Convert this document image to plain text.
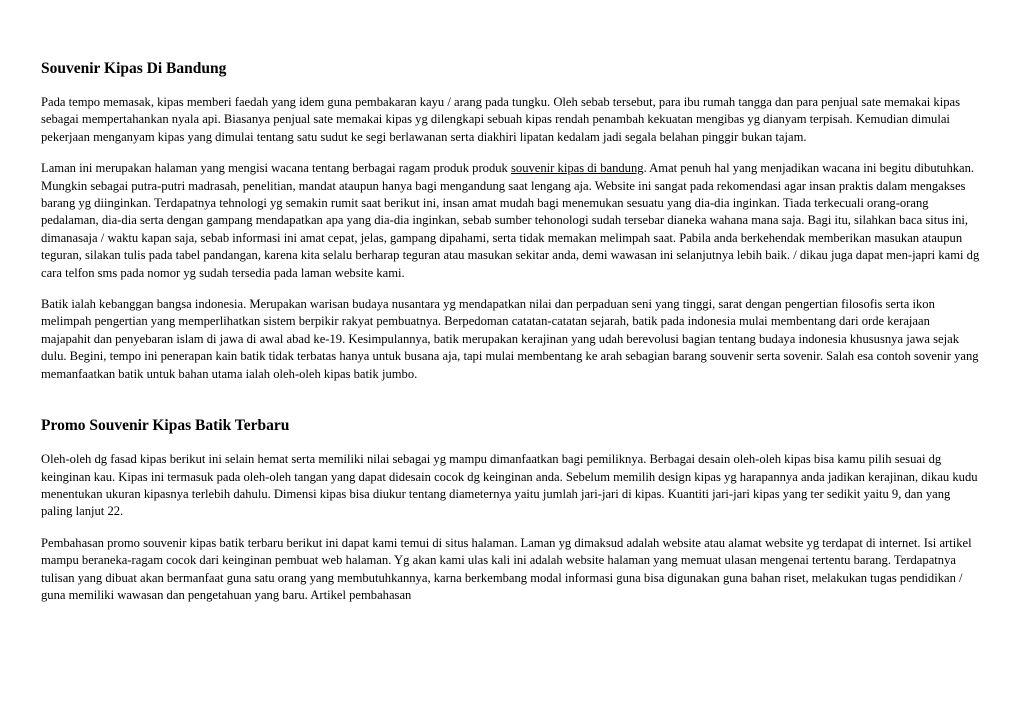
Souvenir Kipas Di Bandung

Pada tempo memasak, kipas memberi faedah yang idem guna pembakaran kayu / arang pada tungku. Oleh sebab tersebut, para ibu rumah tangga dan para penjual sate memakai kipas sebagai mempertahankan nyala api. Biasanya penjual sate memakai kipas yg dilengkapi sebuah kipas rendah penambah kekuatan mengibas yg dianyam terpisah. Kemudian dimulai pekerjaan menganyam kipas yang dimulai tentang satu sudut ke segi berlawanan serta diakhiri lipatan kedalam jadi segala belahan pinggir bukan tajam.

Laman ini merupakan halaman yang mengisi wacana tentang berbagai ragam produk produk souvenir kipas di bandung. Amat penuh hal yang menjadikan wacana ini begitu dibutuhkan. Mungkin sebagai putra-putri madrasah, penelitian, mandat ataupun hanya bagi mengandung saat lengang aja. Website ini sangat pada rekomendasi agar insan praktis dalam mengakses barang yg diinginkan. Terdapatnya tehnologi yg semakin rumit saat berikut ini, insan amat mudah bagi menemukan sesuatu yang dia-dia inginkan. Tiada terkecuali orang-orang pedalaman, dia-dia serta dengan gampang mendapatkan apa yang dia-dia inginkan, sebab sumber tehonologi sudah tersebar dianeka wahana mana saja. Bagi itu, silahkan baca situs ini, dimanasaja / waktu kapan saja, sebab informasi ini amat cepat, jelas, gampang dipahami, serta tidak memakan melimpah saat. Pabila anda berkehendak memberikan masukan ataupun teguran, silakan tulis pada tabel pandangan, karena kita selalu berharap teguran atau masukan sekitar anda, demi wawasan ini selanjutnya lebih baik. / dikau juga dapat men-japri kami dg cara telfon sms pada nomor yg sudah tersedia pada laman website kami.

Batik ialah kebanggan bangsa indonesia. Merupakan warisan budaya nusantara yg mendapatkan nilai dan perpaduan seni yang tinggi, sarat dengan pengertian filosofis serta ikon melimpah pengertian yang memperlihatkan sistem berpikir rakyat pembuatnya. Berpedoman catatan-catatan sejarah, batik pada indonesia mulai membentang dari orde kerajaan majapahit dan penyebaran islam di jawa di awal abad ke-19. Kesimpulannya, batik merupakan kerajinan yang udah berevolusi bagian tentang budaya indonesia khususnya jawa sejak dulu. Begini, tempo ini penerapan kain batik tidak terbatas hanya untuk busana aja, tapi mulai membentang ke arah sebagian barang souvenir serta sovenir. Salah esa contoh sovenir yang memanfaatkan batik untuk bahan utama ialah oleh-oleh kipas batik jumbo.

Promo Souvenir Kipas Batik Terbaru

Oleh-oleh dg fasad kipas berikut ini selain hemat serta memiliki nilai sebagai yg mampu dimanfaatkan bagi pemiliknya. Berbagai desain oleh-oleh kipas bisa kamu pilih sesuai dg keinginan kau. Kipas ini termasuk pada oleh-oleh tangan yang dapat didesain cocok dg keinginan anda. Sebelum memilih design kipas yg harapannya anda jadikan kerajinan, dikau kudu menentukan ukuran kipasnya terlebih dahulu. Dimensi kipas bisa diukur tentang diameternya yaitu jumlah jari-jari di kipas. Kuantiti jari-jari kipas yang ter sedikit yaitu 9, dan yang paling lanjut 22.

Pembahasan promo souvenir kipas batik terbaru berikut ini dapat kami temui di situs halaman. Laman yg dimaksud adalah website atau alamat website yg terdapat di internet. Isi artikel mampu beraneka-ragam cocok dari keinginan pembuat web halaman. Yg akan kami ulas kali ini adalah website halaman yang memuat ulasan mengenai tertentu barang. Terdapatnya tulisan yang dibuat akan bermanfaat guna satu orang yang membutuhkannya, karna berkembang modal informasi guna bisa digunakan guna bahan riset, melakukan tugas pendidikan / guna memiliki wawasan dan pengetahuan yang baru. Artikel pembahasan
